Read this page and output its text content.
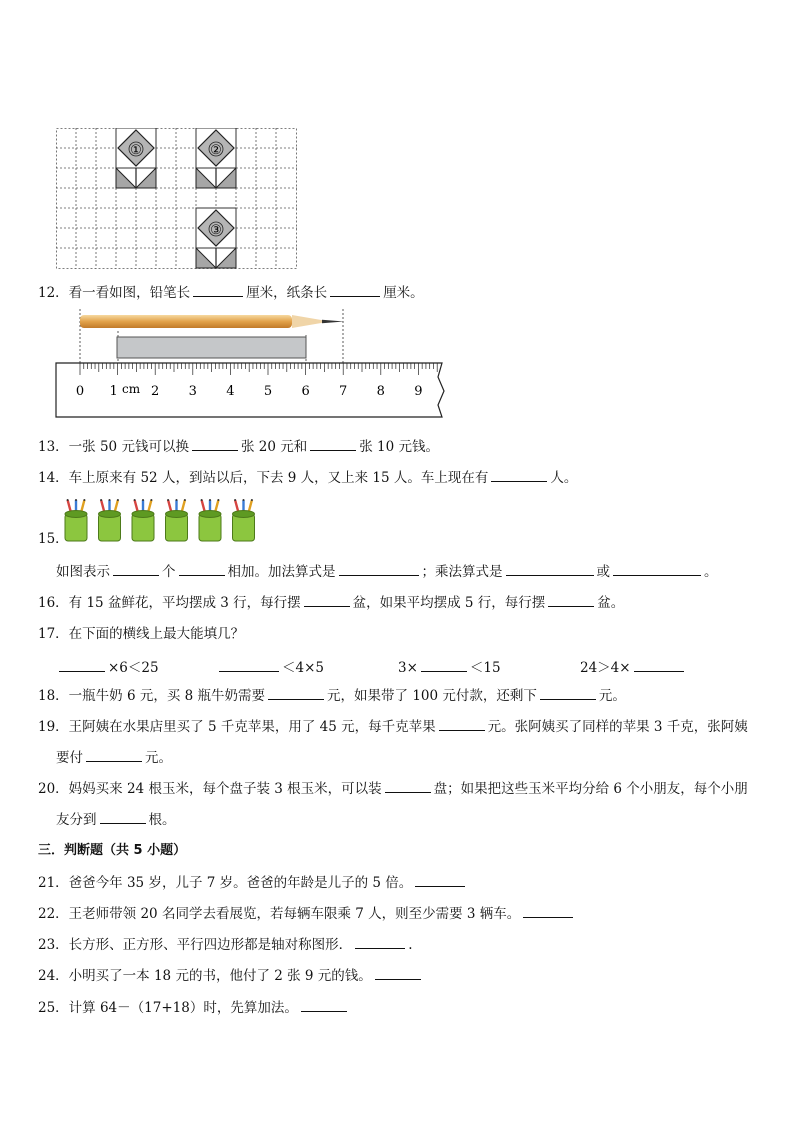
①	②
③
12．看一看如图，铅笔长	厘米，纸条长	厘米。
0 1	2 3 4 5 6 7 8 9
cm
13．一张 50 元钱可以换	张 20 元和	张 10 元钱。
14．车上原来有 52 人，到站以后，下去 9 人，又上来 15 人。车上现在有	人。
15．
如图表示	个	相加。加法算式是	；乘法算式是	或	。
16．有 15 盆鲜花，平均摆成 3 行，每行摆	盆，如果平均摆成 5 行，每行摆	盆。
17．在下面的横线上最大能填几？
×6＜25	＜4×5	3×	＜15	24＞4×
18．一瓶牛奶 6 元，买 8 瓶牛奶需要	元，如果带了 100 元付款，还剩下	元。
19．王阿姨在水果店里买了 5 千克苹果，用了 45 元，每千克苹果	元。张阿姨买了同样的苹果 3 千克，张阿姨
要付	元。
20．妈妈买来 24 根玉米，每个盘子装 3 根玉米，可以装	盘；如果把这些玉米平均分给 6 个小朋友，每个小朋
友分到	根。
三．判断题（共 5 小题）
21．爸爸今年 35 岁，儿子 7 岁。爸爸的年龄是儿子的 5 倍。
22．王老师带领 20 名同学去看展览，若每辆车限乘 7 人，则至少需要 3 辆车。
23．长方形、正方形、平行四边形都是轴对称图形．	.
24．小明买了一本 18 元的书，他付了 2 张 9 元的钱。
25．计算 64－（17+18）时，先算加法。
